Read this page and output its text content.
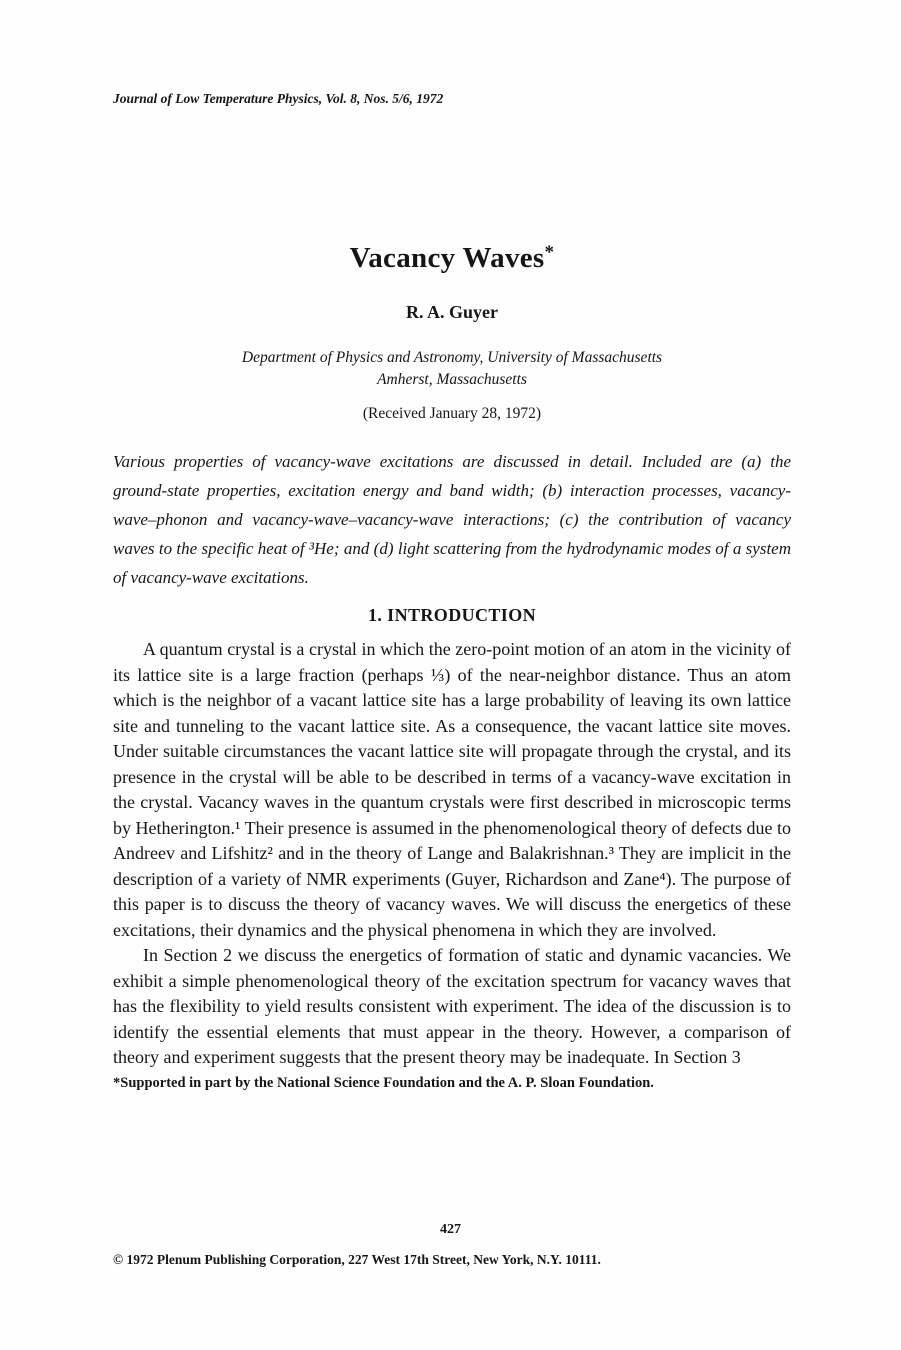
Journal of Low Temperature Physics, Vol. 8, Nos. 5/6, 1972
Vacancy Waves*
R. A. Guyer
Department of Physics and Astronomy, University of Massachusetts
Amherst, Massachusetts
(Received January 28, 1972)
Various properties of vacancy-wave excitations are discussed in detail. Included are (a) the ground-state properties, excitation energy and band width; (b) interaction processes, vacancy-wave–phonon and vacancy-wave–vacancy-wave interactions; (c) the contribution of vacancy waves to the specific heat of ³He; and (d) light scattering from the hydrodynamic modes of a system of vacancy-wave excitations.
1. INTRODUCTION

A quantum crystal is a crystal in which the zero-point motion of an atom in the vicinity of its lattice site is a large fraction (perhaps ⅓) of the near-neighbor distance. Thus an atom which is the neighbor of a vacant lattice site has a large probability of leaving its own lattice site and tunneling to the vacant lattice site. As a consequence, the vacant lattice site moves. Under suitable circumstances the vacant lattice site will propagate through the crystal, and its presence in the crystal will be able to be described in terms of a vacancy-wave excitation in the crystal. Vacancy waves in the quantum crystals were first described in microscopic terms by Hetherington.¹ Their presence is assumed in the phenomenological theory of defects due to Andreev and Lifshitz² and in the theory of Lange and Balakrishnan.³ They are implicit in the description of a variety of NMR experiments (Guyer, Richardson and Zane⁴). The purpose of this paper is to discuss the theory of vacancy waves. We will discuss the energetics of these excitations, their dynamics and the physical phenomena in which they are involved.

In Section 2 we discuss the energetics of formation of static and dynamic vacancies. We exhibit a simple phenomenological theory of the excitation spectrum for vacancy waves that has the flexibility to yield results consistent with experiment. The idea of the discussion is to identify the essential elements that must appear in the theory. However, a comparison of theory and experiment suggests that the present theory may be inadequate. In Section 3

*Supported in part by the National Science Foundation and the A. P. Sloan Foundation.
427
© 1972 Plenum Publishing Corporation, 227 West 17th Street, New York, N.Y. 10111.
